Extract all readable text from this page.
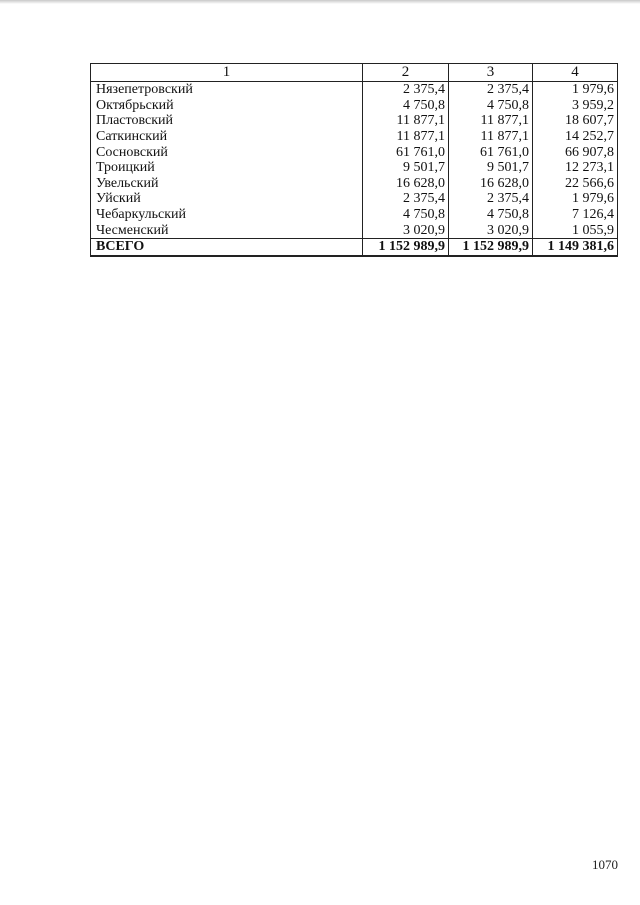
1	2	3	4
Нязепетровский	2 375,4	2 375,4	1 979,6
Октябрьский	4 750,8	4 750,8	3 959,2
Пластовский	11 877,1	11 877,1	18 607,7
Саткинский	11 877,1	11 877,1	14 252,7
Сосновский	61 761,0	61 761,0	66 907,8
Троицкий	9 501,7	9 501,7	12 273,1
Увельский	16 628,0	16 628,0	22 566,6
Уйский	2 375,4	2 375,4	1 979,6
Чебаркульский	4 750,8	4 750,8	7 126,4
Чесменский	3 020,9	3 020,9	1 055,9
ВСЕГО	1 152 989,9	1 152 989,9	1 149 381,6
1070
